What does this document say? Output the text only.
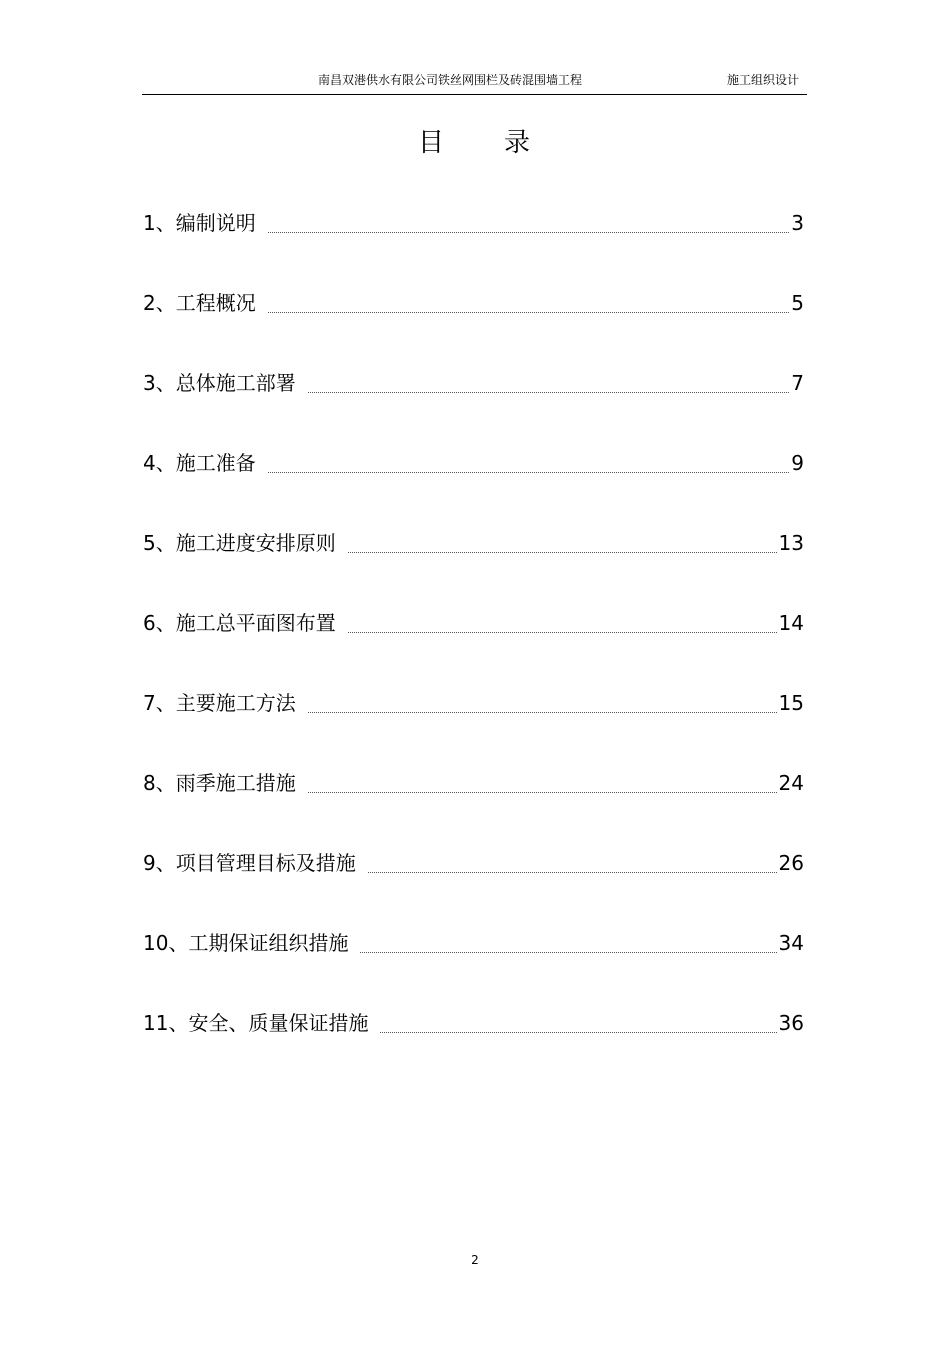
南昌双港供水有限公司铁丝网围栏及砖混围墙工程	施工组织设计
目 录
1、编制说明	3
2、工程概况	5
3、总体施工部署	7
4、施工准备	9
5、施工进度安排原则	13
6、施工总平面图布置	14
7、主要施工方法	15
8、雨季施工措施	24
9、项目管理目标及措施	26
10、工期保证组织措施	34
11、安全、质量保证措施	36
2
